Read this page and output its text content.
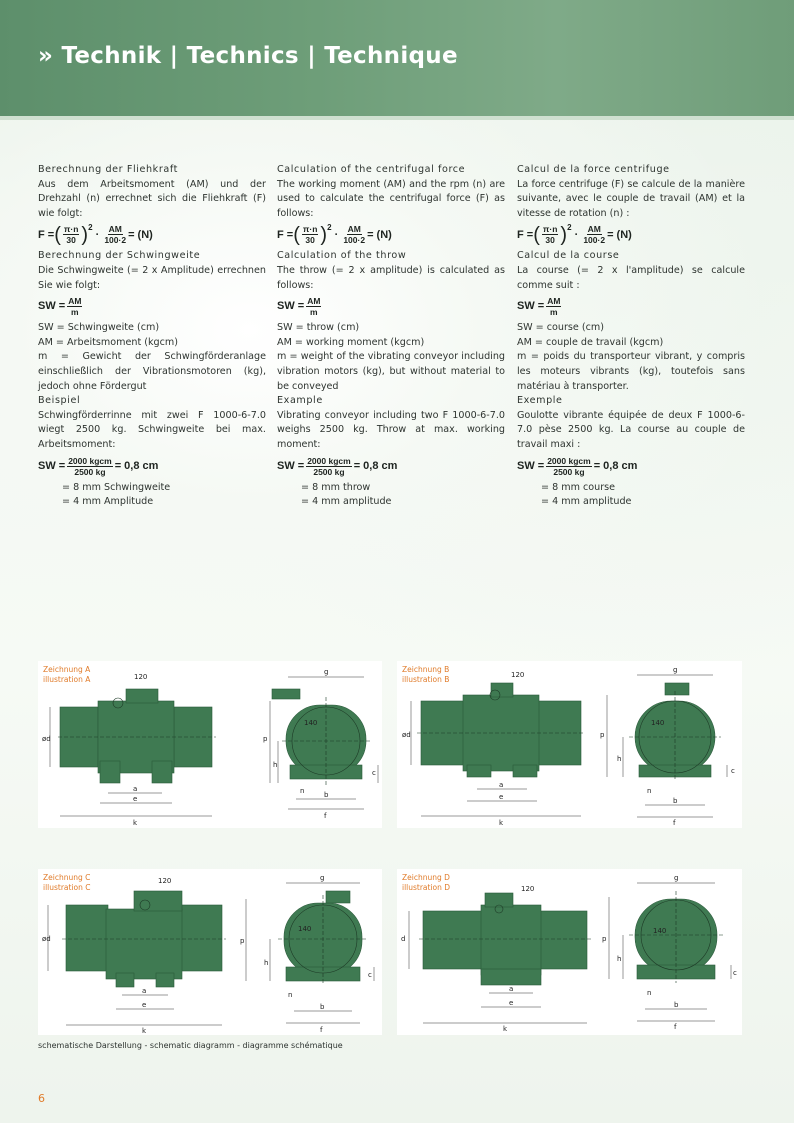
» Technik | Technics | Technique

Berechnung der Fliehkraft

Aus dem Arbeitsmoment (AM) und der Drehzahl (n) errechnet sich die Fliehkraft (F) wie folgt:

F = ( $\frac{\pi\cdot n}{30}$ ) 2
· $\frac{AM}{100\cdot 2} = (N)$

Berechnung der Schwingweite

Die Schwingweite (= 2 x Amplitude) errechnen Sie wie folgt:

SW = $\frac{AM}{m}$

SW = Schwingweite (cm)

AM = Arbeitsmoment (kgcm)

m = Gewicht der Schwingförderanlage einschließlich der Vibrationsmotoren (kg), jedoch ohne Fördergut

Beispiel

Schwingförderrinne mit zwei F 1000-6-7.0 wiegt 2500 kg. Schwingweite bei max. Arbeitsmoment:

SW = $\frac{\text{2000 kgcm}}{2500 kg} = 0,8$ cm

= 8 mm Schwingweite

= 4 mm Amplitude

Calculation of the centrifugal force

The working moment (AM) and the rpm (n) are used to calculate the centrifugal force (F) as follows:

F = ( $\frac{\pi\cdot n}{30}$ ) 2
· $\frac{AM}{100\cdot 2} = (N)$

Calculation of the throw

The throw (= 2 x amplitude) is calculated as follows:

SW = $\frac{AM}{m}$

SW = throw (cm)

AM = working moment (kgcm)

m = weight of the vibrating conveyor including vibration motors (kg), but without material to be conveyed

Example

Vibrating conveyor including two F 1000-6-7.0 weighs 2500 kg. Throw at max. working moment:

SW = $\frac{\text{2000 kgcm}}{2500 kg} = 0,8$ cm

= 8 mm throw

= 4 mm amplitude

Calcul de la force centrifuge

La force centrifuge (F) se calcule de la manière suivante, avec le couple de travail (AM) et la vitesse de rotation (n) :

F = ( $\frac{\pi\cdot n}{30}$ ) 2
· $\frac{AM}{100\cdot 2} = (N)$

Calcul de la course

La course (= 2 x l'amplitude) se calcule comme suit :

SW = $\frac{AM}{m}$

SW = course (cm)

AM = couple de travail (kgcm)

m = poids du transporteur vibrant, y compris les moteurs vibrants (kg), toutefois sans matériau à transporter.

Exemple

Goulotte vibrante équipée de deux F 1000-6-7.0 pèse 2500 kg. La course au couple de travail maxi :

SW = $\frac{\text{2000 kgcm}}{2500 kg} = 0,8$ cm

= 8 mm course

= 4 mm amplitude

120
140
g
p
h
c
n	b
f
a
e
k
ød
Zeichnung A
illustration A	120
140
g
p
h
c
n
b
f
a
e
k
ød
Zeichnung B
illustration B
120
140
g
p
h
c
n
b
f
a
e
k
ød
Zeichnung C
illustration C	120
140
g
p
h
c
n
b
f
a
e
k
d
Zeichnung D
illustration D
schematische Darstellung - schematic diagramm - diagramme schématique
6
